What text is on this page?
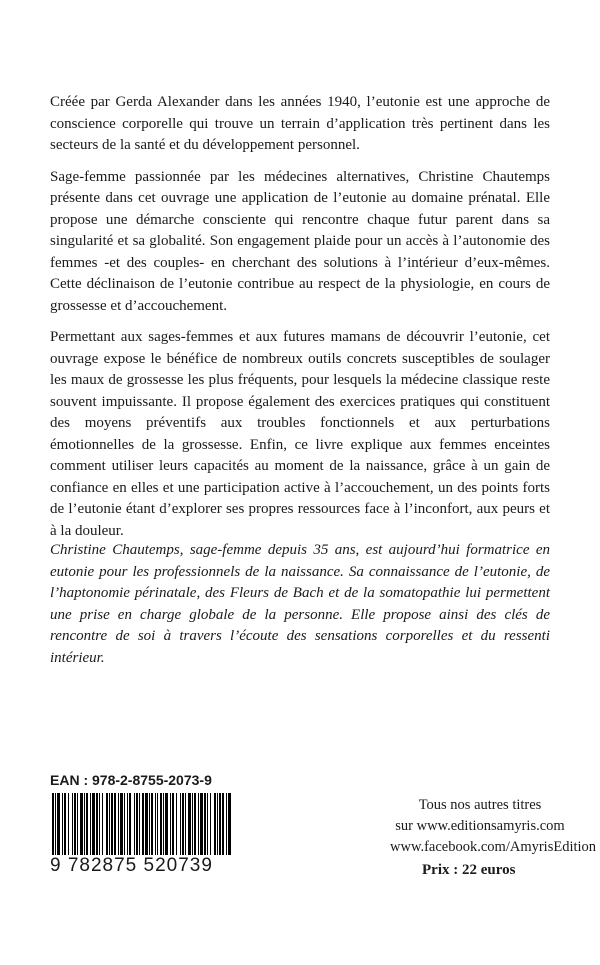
Créée par Gerda Alexander dans les années 1940, l’eutonie est une approche de conscience corporelle qui trouve un terrain d’application très pertinent dans les secteurs de la santé et du développement personnel.

Sage-femme passionnée par les médecines alternatives, Christine Chautemps présente dans cet ouvrage une application de l’eutonie au domaine prénatal. Elle propose une démarche consciente qui rencontre chaque futur parent dans sa singularité et sa globalité. Son engagement plaide pour un accès à l’autonomie des femmes -et des couples- en cherchant des solutions à l’intérieur d’eux-mêmes. Cette déclinaison de l’eutonie contribue au respect de la physiologie, en cours de grossesse et d’accouchement.

Permettant aux sages-femmes et aux futures mamans de découvrir l’eutonie, cet ouvrage expose le bénéfice de nombreux outils concrets susceptibles de soulager les maux de grossesse les plus fréquents, pour lesquels la médecine classique reste souvent impuissante. Il propose également des exercices pratiques qui constituent des moyens préventifs aux troubles fonctionnels et aux perturbations émotionnelles de la grossesse. Enfin, ce livre explique aux femmes enceintes comment utiliser leurs capacités au moment de la naissance, grâce à un gain de confiance en elles et une participation active à l’accouchement, un des points forts de l’eutonie étant d’explorer ses propres ressources face à l’inconfort, aux peurs et à la douleur.

Christine Chautemps, sage-femme depuis 35 ans, est aujourd’hui formatrice en eutonie pour les professionnels de la naissance. Sa connaissance de l’eutonie, de l’haptonomie périnatale, des Fleurs de Bach et de la somatopathie lui permettent une prise en charge globale de la personne. Elle propose ainsi des clés de rencontre de soi à travers l’écoute des sensations corporelles et du ressenti intérieur.

EAN : 978-2-8755-2073-9
9 782875 520739
Tous nos autres titres
sur www.editionsamyris.com
www.facebook.com/AmyrisEdition
Prix : 22 euros
